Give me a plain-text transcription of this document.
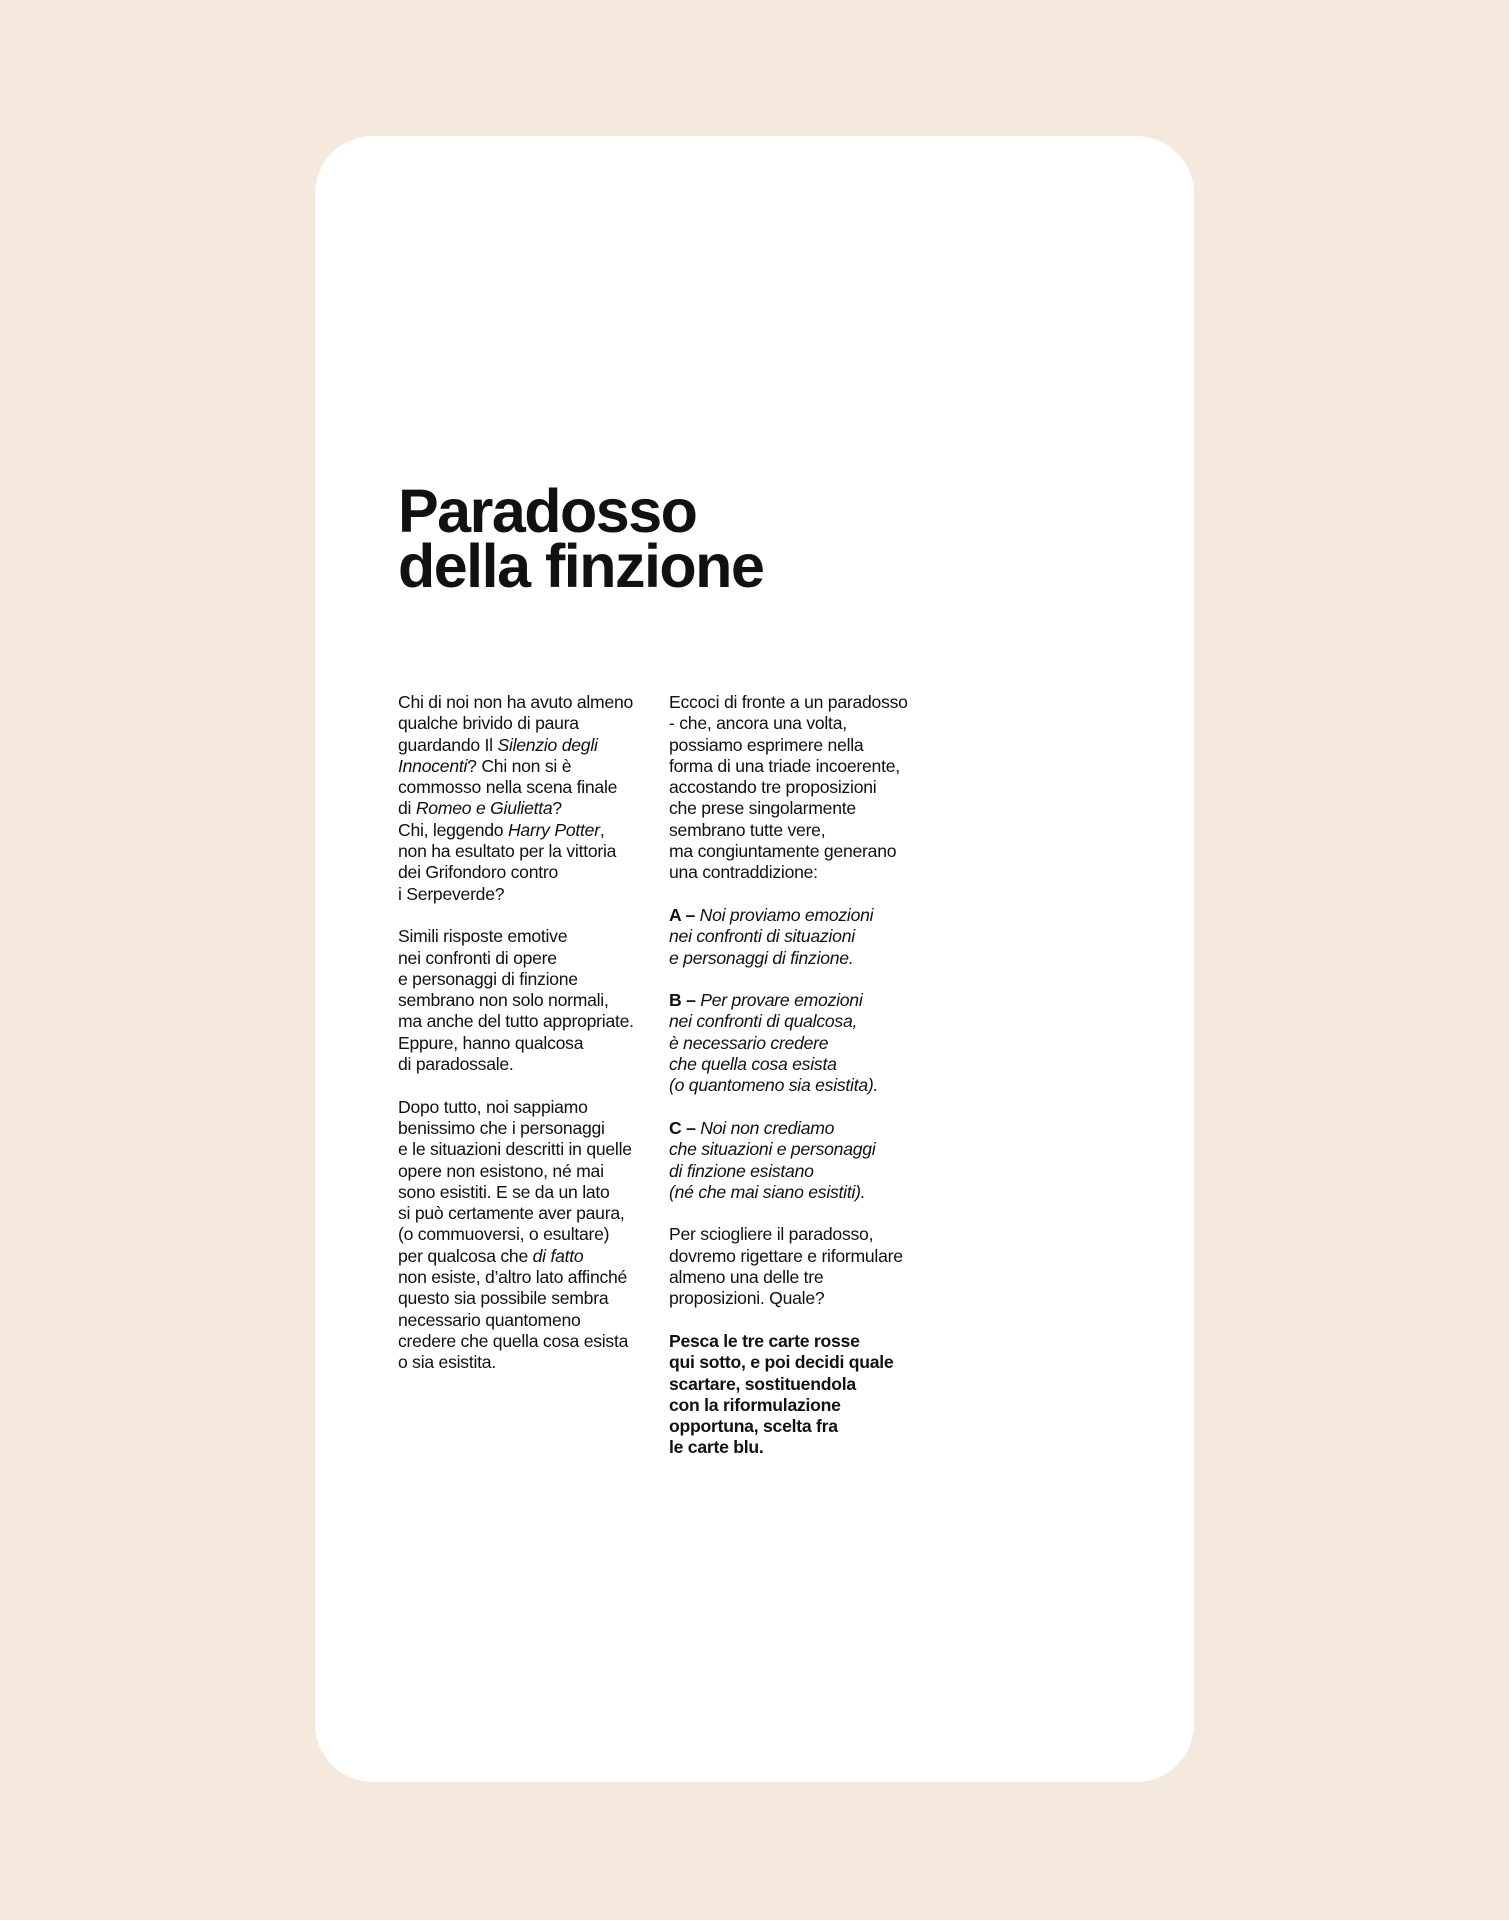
Paradosso
della finzione

Chi di noi non ha avuto almeno
qualche brivido di paura
guardando Il Silenzio degli
Innocenti? Chi non si è
commosso nella scena finale
di Romeo e Giulietta?
Chi, leggendo Harry Potter,
non ha esultato per la vittoria
dei Grifondoro contro
i Serpeverde?

Simili risposte emotive
nei confronti di opere
e personaggi di finzione
sembrano non solo normali,
ma anche del tutto appropriate.
Eppure, hanno qualcosa
di paradossale.

Dopo tutto, noi sappiamo
benissimo che i personaggi
e le situazioni descritti in quelle
opere non esistono, né mai
sono esistiti. E se da un lato
si può certamente aver paura,
(o commuoversi, o esultare)
per qualcosa che di fatto
non esiste, d’altro lato affinché
questo sia possibile sembra
necessario quantomeno
credere che quella cosa esista
o sia esistita.

Eccoci di fronte a un paradosso
- che, ancora una volta,
possiamo esprimere nella
forma di una triade incoerente,
accostando tre proposizioni
che prese singolarmente
sembrano tutte vere,
ma congiuntamente generano
una contraddizione:

A – Noi proviamo emozioni
nei confronti di situazioni
e personaggi di finzione.

B – Per provare emozioni
nei confronti di qualcosa,
è necessario credere
che quella cosa esista
(o quantomeno sia esistita).

C – Noi non crediamo
che situazioni e personaggi
di finzione esistano
(né che mai siano esistiti).

Per sciogliere il paradosso,
dovremo rigettare e riformulare
almeno una delle tre
proposizioni. Quale?

Pesca le tre carte rosse
qui sotto, e poi decidi quale
scartare, sostituendola
con la riformulazione
opportuna, scelta fra
le carte blu.
